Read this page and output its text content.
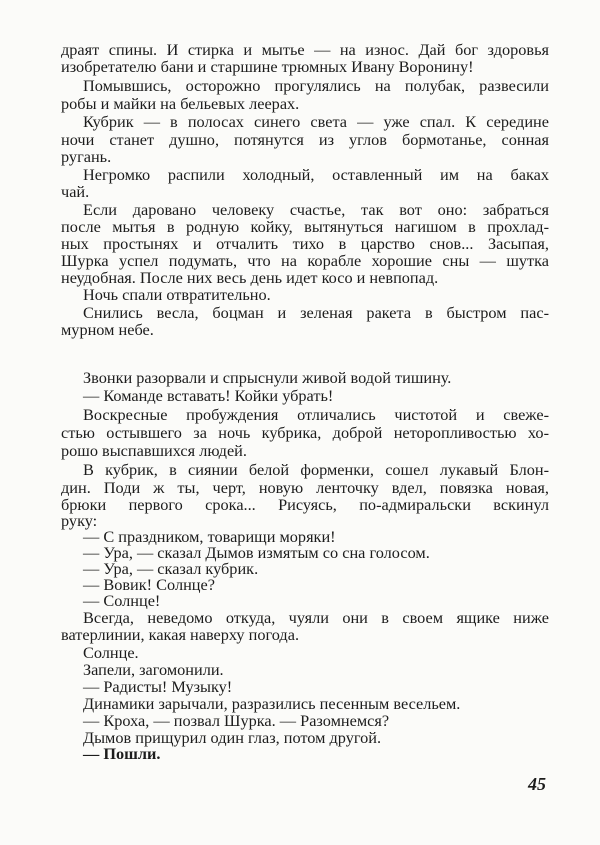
драят спины. И стирка и мытье — на износ. Дай бог здоровья
изобретателю бани и старшине трюмных Ивану Воронину!
Помывшись, осторожно прогулялись на полубак, развесили
робы и майки на бельевых леерах.
Кубрик — в полосах синего света — уже спал. К середине
ночи станет душно, потянутся из углов бормотанье, сонная
ругань.
Негромко распили холодный, оставленный им на баках
чай.
Если даровано человеку счастье, так вот оно: забраться
после мытья в родную койку, вытянуться нагишом в прохлад-
ных простынях и отчалить тихо в царство снов... Засыпая,
Шурка успел подумать, что на корабле хорошие сны — шутка
неудобная. После них весь день идет косо и невпопад.
Ночь спали отвратительно.
Снились весла, боцман и зеленая ракета в быстром пас-
мурном небе.
Звонки разорвали и спрыснули живой водой тишину.
— Команде вставать! Койки убрать!
Воскресные пробуждения отличались чистотой и свеже-
стью остывшего за ночь кубрика, доброй неторопливостью хо-
рошо выспавшихся людей.
В кубрик, в сиянии белой форменки, сошел лукавый Блон-
дин. Поди ж ты, черт, новую ленточку вдел, повязка новая,
брюки первого срока... Рисуясь, по-адмиральски вскинул
руку:
— С праздником, товарищи моряки!
— Ура, — сказал Дымов измятым со сна голосом.
— Ура, — сказал кубрик.
— Вовик! Солнце?
— Солнце!
Всегда, неведомо откуда, чуяли они в своем ящике ниже
ватерлинии, какая наверху погода.
Солнце.
Запели, загомонили.
— Радисты! Музыку!
Динамики зарычали, разразились песенным весельем.
— Кроха, — позвал Шурка. — Разомнемся?
Дымов прищурил один глаз, потом другой.
— Пошли.
45
